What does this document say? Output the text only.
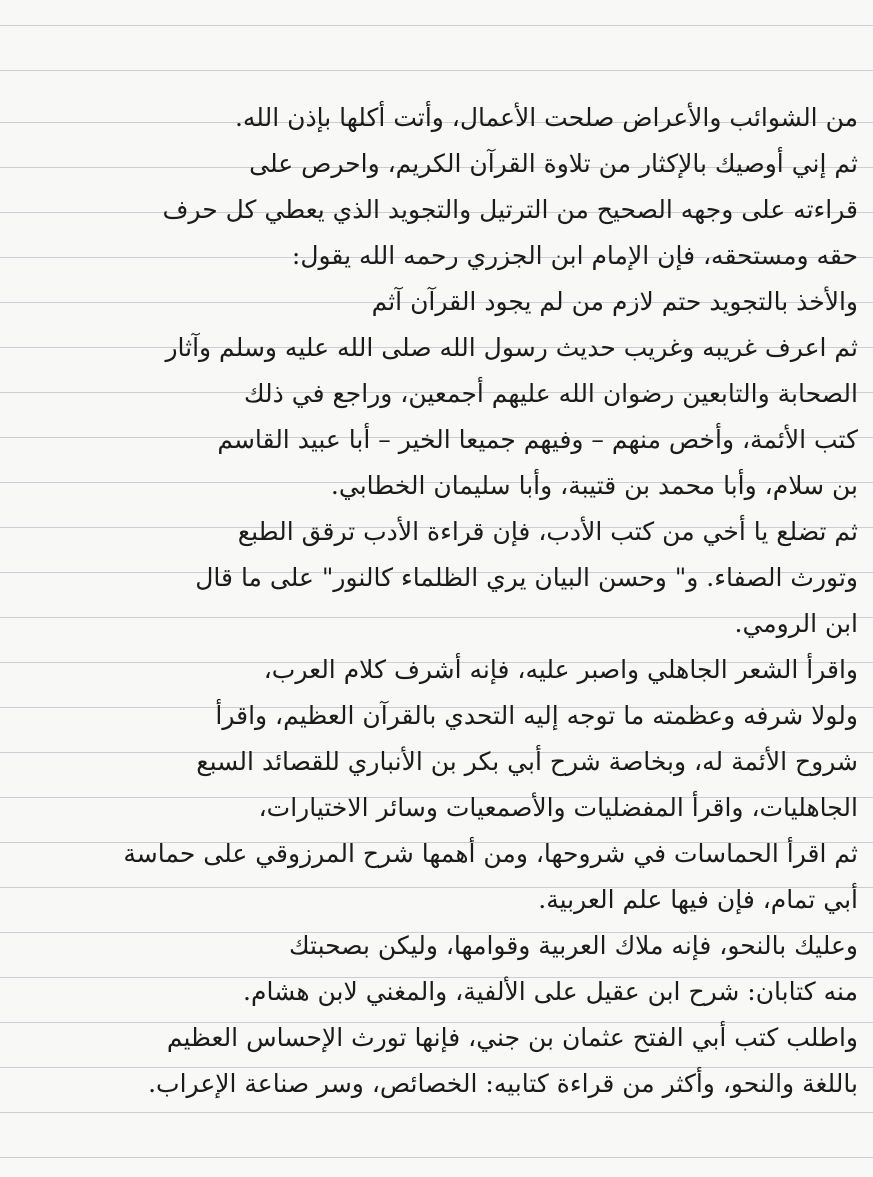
من الشوائب والأعراض صلحت الأعمال، وأتت أكلها بإذن الله.
ثم إني أوصيك بالإكثار من تلاوة القرآن الكريم، واحرص على
قراءته على وجهه الصحيح من الترتيل والتجويد الذي يعطي كل حرف
حقه ومستحقه، فإن الإمام ابن الجزري رحمه الله يقول:
والأخذ بالتجويد حتم لازم من لم يجود القرآن آثم
ثم اعرف غريبه وغريب حديث رسول الله صلى الله عليه وسلم وآثار
الصحابة والتابعين رضوان الله عليهم أجمعين، وراجع في ذلك
كتب الأئمة، وأخص منهم – وفيهم جميعا الخير – أبا عبيد القاسم
بن سلام، وأبا محمد بن قتيبة، وأبا سليمان الخطابي.
ثم تضلع يا أخي من كتب الأدب، فإن قراءة الأدب ترقق الطبع
وتورث الصفاء. و" وحسن البيان يري الظلماء كالنور" على ما قال
ابن الرومي.
واقرأ الشعر الجاهلي واصبر عليه، فإنه أشرف كلام العرب،
ولولا شرفه وعظمته ما توجه إليه التحدي بالقرآن العظيم، واقرأ
شروح الأئمة له، وبخاصة شرح أبي بكر بن الأنباري للقصائد السبع
الجاهليات، واقرأ المفضليات والأصمعيات وسائر الاختيارات،
ثم اقرأ الحماسات في شروحها، ومن أهمها شرح المرزوقي على حماسة
أبي تمام، فإن فيها علم العربية.
وعليك بالنحو، فإنه ملاك العربية وقوامها، وليكن بصحبتك
منه كتابان: شرح ابن عقيل على الألفية، والمغني لابن هشام.
واطلب كتب أبي الفتح عثمان بن جني، فإنها تورث الإحساس العظيم
باللغة والنحو، وأكثر من قراءة كتابيه: الخصائص، وسر صناعة الإعراب.
